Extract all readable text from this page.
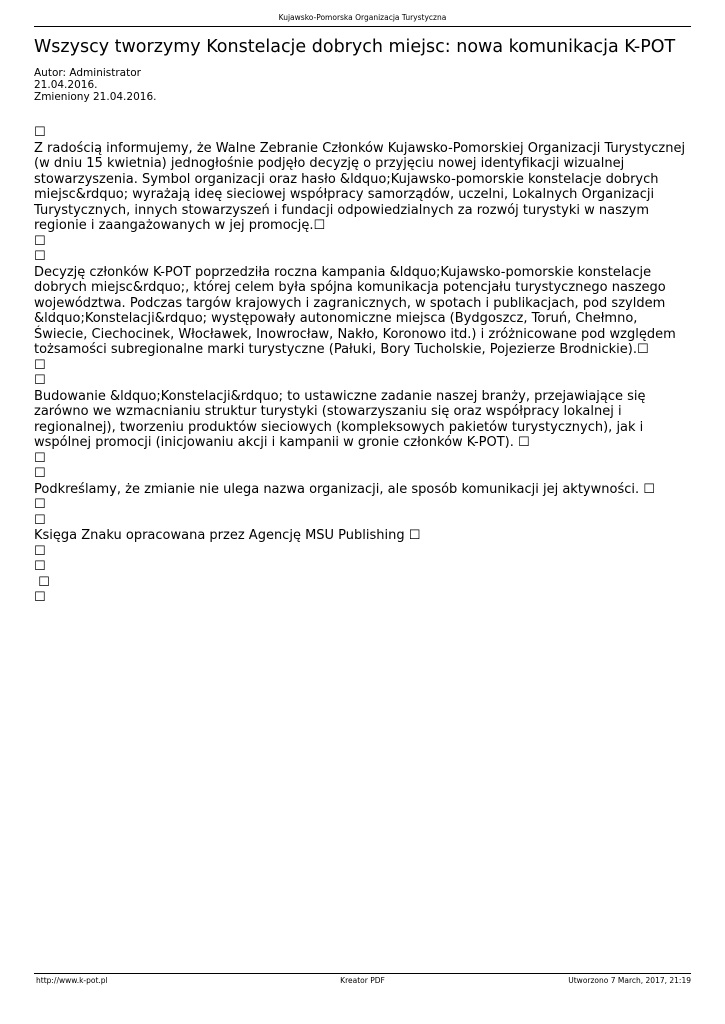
Kujawsko-Pomorska Organizacja Turystyczna
Wszyscy tworzymy Konstelacje dobrych miejsc: nowa komunikacja K-POT
Autor: Administrator
21.04.2016.
Zmieniony 21.04.2016.

☐

Z radością informujemy, że Walne Zebranie Członków Kujawsko-Pomorskiej Organizacji Turystycznej (w dniu 15 kwietnia) jednogłośnie podjęło decyzję o przyjęciu nowej identyfikacji wizualnej stowarzyszenia. Symbol organizacji oraz hasło &ldquo;Kujawsko-pomorskie konstelacje dobrych miejsc&rdquo; wyrażają ideę sieciowej współpracy samorządów, uczelni, Lokalnych Organizacji Turystycznych, innych stowarzyszeń i fundacji odpowiedzialnych za rozwój turystyki w naszym regionie i zaangażowanych w jej promocję.☐

☐

☐

Decyzję członków K-POT poprzedziła roczna kampania &ldquo;Kujawsko-pomorskie konstelacje dobrych miejsc&rdquo;, której celem była spójna komunikacja potencjału turystycznego naszego województwa. Podczas targów krajowych i zagranicznych, w spotach i publikacjach, pod szyldem &ldquo;Konstelacji&rdquo; występowały autonomiczne miejsca (Bydgoszcz, Toruń, Chełmno, Świecie, Ciechocinek, Włocławek, Inowrocław, Nakło, Koronowo itd.) i zróżnicowane pod względem tożsamości subregionalne marki turystyczne (Pałuki, Bory Tucholskie, Pojezierze Brodnickie).☐

☐

☐

Budowanie &ldquo;Konstelacji&rdquo; to ustawiczne zadanie naszej branży, przejawiające się zarówno we wzmacnianiu struktur turystyki (stowarzyszaniu się oraz współpracy lokalnej i regionalnej), tworzeniu produktów sieciowych (kompleksowych pakietów turystycznych), jak i wspólnej promocji (inicjowaniu akcji i kampanii w gronie członków K-POT). ☐

☐

☐

Podkreślamy, że zmianie nie ulega nazwa organizacji, ale sposób komunikacji jej aktywności. ☐

☐

☐

Księga Znaku opracowana przez Agencję MSU Publishing ☐

☐

☐

☐

☐

http://www.k-pot.pl	Kreator PDF	Utworzono 7 March, 2017, 21:19
